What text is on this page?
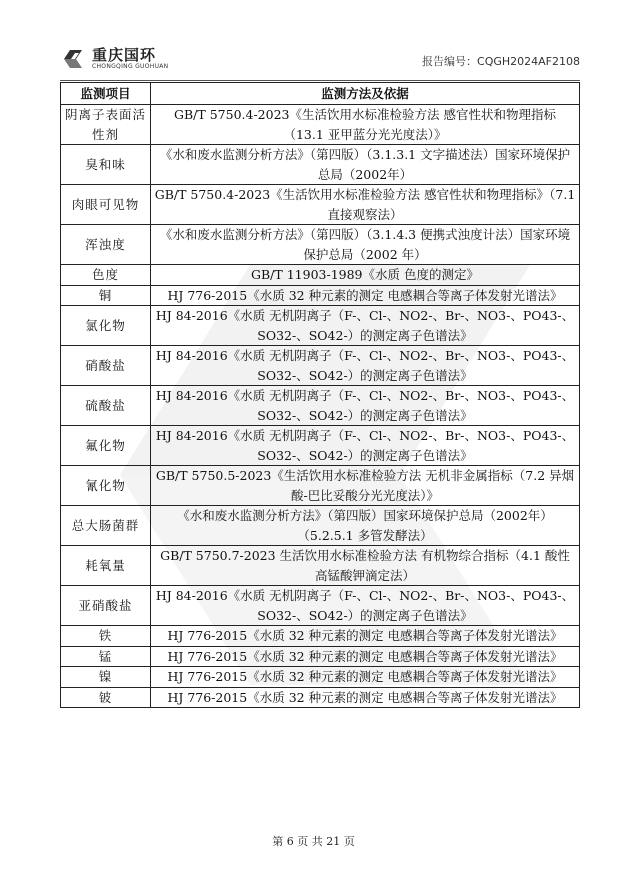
重庆国环
CHONGQING GUOHUAN	报告编号：CQGH2024AF2108
监测项目	监测方法及依据
阴离子表面活性剂	GB/T 5750.4-2023《生活饮用水标准检验方法 感官性状和物理指标（13.1 亚甲蓝分光光度法）》
臭和味	《水和废水监测分析方法》（第四版）（3.1.3.1 文字描述法）国家环境保护总局（2002年）
肉眼可见物	GB/T 5750.4-2023《生活饮用水标准检验方法 感官性状和物理指标》（7.1 直接观察法）
浑浊度	《水和废水监测分析方法》（第四版）（3.1.4.3 便携式浊度计法）国家环境保护总局（2002 年）
色度	GB/T 11903-1989《水质 色度的测定》
铜	HJ 776-2015《水质 32 种元素的测定 电感耦合等离子体发射光谱法》
氯化物	HJ 84-2016《水质 无机阴离子（F-、Cl-、NO2-、Br-、NO3-、PO43-、SO32-、SO42-）的测定离子色谱法》
硝酸盐	HJ 84-2016《水质 无机阴离子（F-、Cl-、NO2-、Br-、NO3-、PO43-、SO32-、SO42-）的测定离子色谱法》
硫酸盐	HJ 84-2016《水质 无机阴离子（F-、Cl-、NO2-、Br-、NO3-、PO43-、SO32-、SO42-）的测定离子色谱法》
氟化物	HJ 84-2016《水质 无机阴离子（F-、Cl-、NO2-、Br-、NO3-、PO43-、SO32-、SO42-）的测定离子色谱法》
氰化物	GB/T 5750.5-2023《生活饮用水标准检验方法 无机非金属指标（7.2 异烟酸-巴比妥酸分光光度法）》
总大肠菌群	《水和废水监测分析方法》（第四版）国家环境保护总局（2002年）（5.2.5.1 多管发酵法）
耗氧量	GB/T 5750.7-2023 生活饮用水标准检验方法 有机物综合指标（4.1 酸性高锰酸钾滴定法）
亚硝酸盐	HJ 84-2016《水质 无机阴离子（F-、Cl-、NO2-、Br-、NO3-、PO43-、SO32-、SO42-）的测定离子色谱法》
铁	HJ 776-2015《水质 32 种元素的测定 电感耦合等离子体发射光谱法》
锰	HJ 776-2015《水质 32 种元素的测定 电感耦合等离子体发射光谱法》
镍	HJ 776-2015《水质 32 种元素的测定 电感耦合等离子体发射光谱法》
铍	HJ 776-2015《水质 32 种元素的测定 电感耦合等离子体发射光谱法》
第 6 页 共 21 页
